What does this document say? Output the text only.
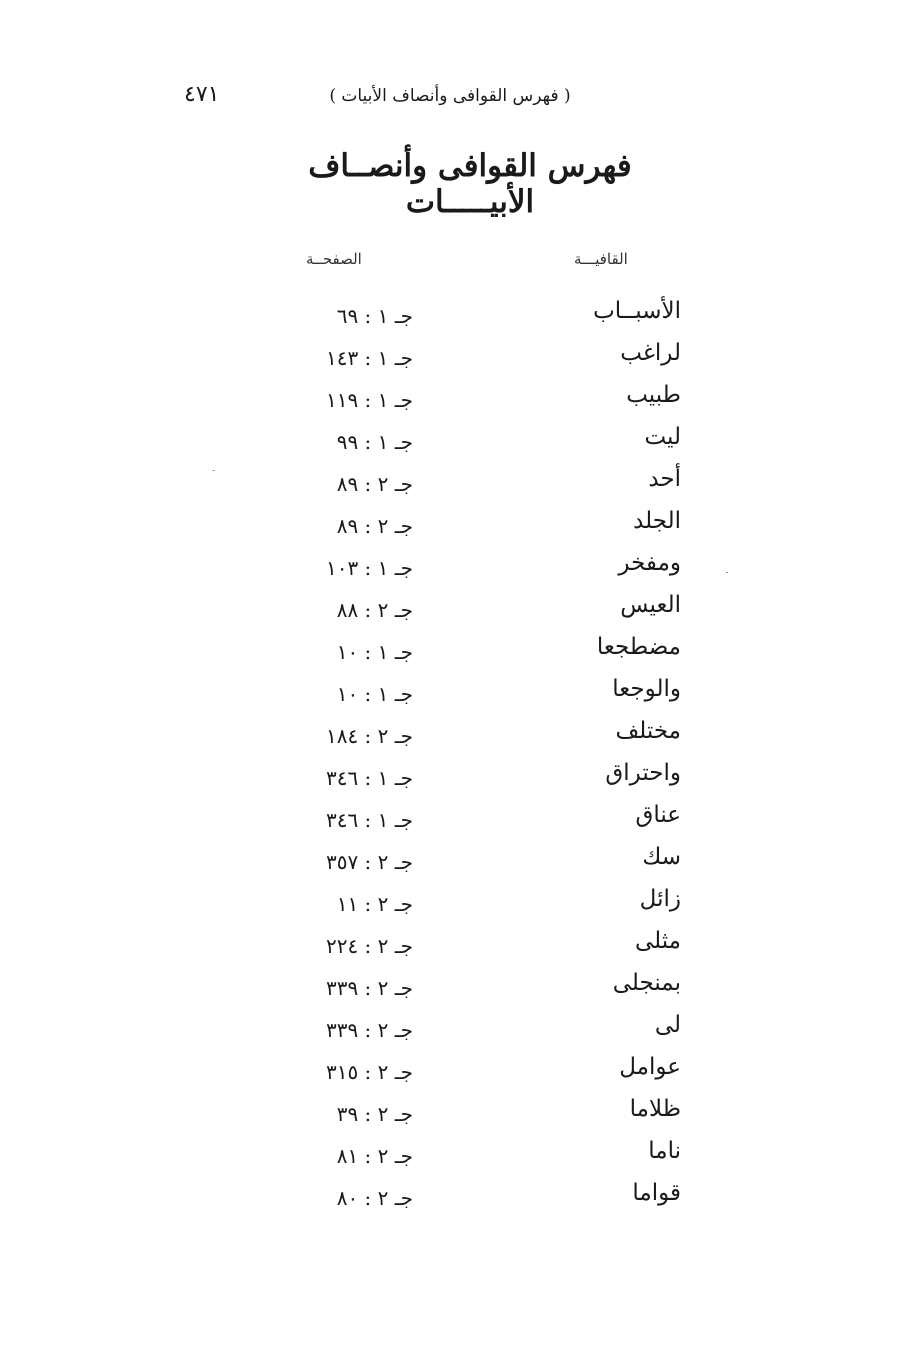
( فهرس القوافى وأنصاف الأبيات )
٤٧١
فهرس القوافى وأنصــاف الأبيـــــات
القافيـــة
الصفحــة
الأسبــاب
جـ ١ : ٦٩
لراغب
جـ ١ : ١٤٣
طبيب
جـ ١ : ١١٩
ليت
جـ ١ : ٩٩
أحد
جـ ٢ : ٨٩
الجلد
جـ ٢ : ٨٩
ومفخر
جـ ١ : ١٠٣
العيس
جـ ٢ : ٨٨
مضطجعا
جـ ١ : ١٠
والوجعا
جـ ١ : ١٠
مختلف
جـ ٢ : ١٨٤
واحتراق
جـ ١ : ٣٤٦
عناق
جـ ١ : ٣٤٦
سك
جـ ٢ : ٣٥٧
زائل
جـ ٢ : ١١
مثلى
جـ ٢ : ٢٢٤
بمنجلى
جـ ٢ : ٣٣٩
لى
جـ ٢ : ٣٣٩
عوامل
جـ ٢ : ٣١٥
ظلاما
جـ ٢ : ٣٩
ناما
جـ ٢ : ٨١
قواما
جـ ٢ : ٨٠
